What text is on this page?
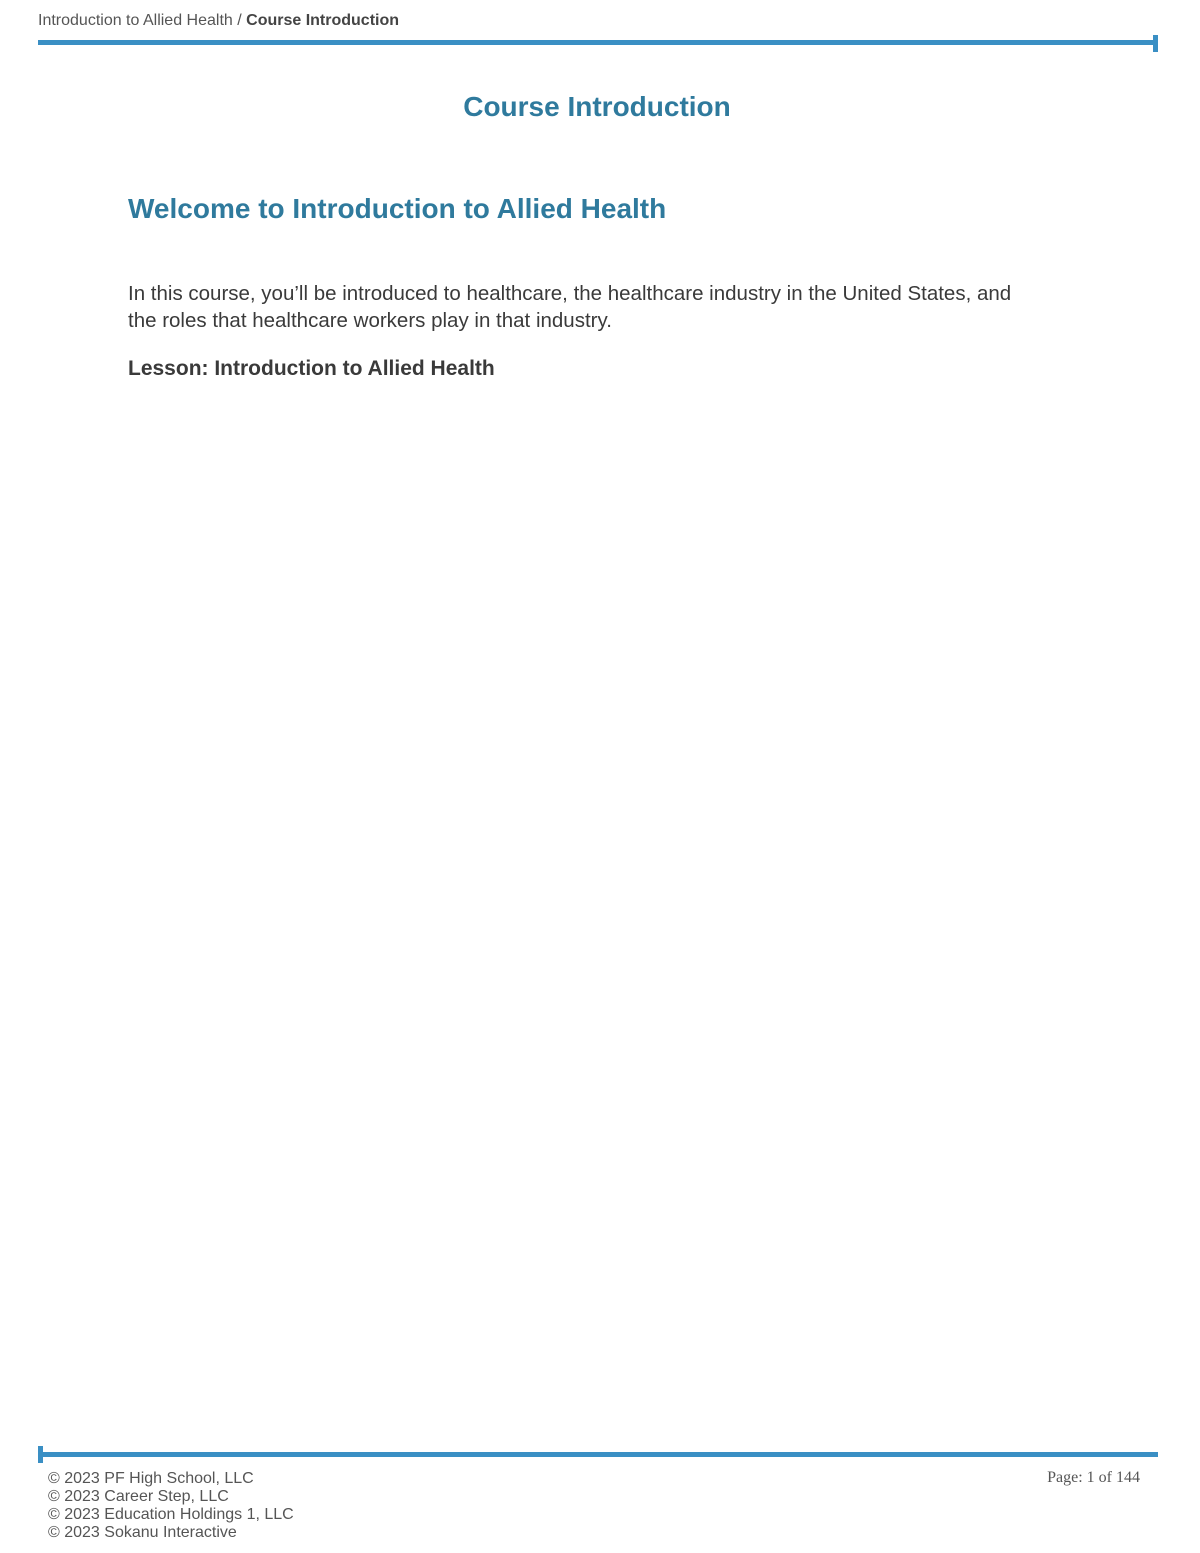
Introduction to Allied Health / Course Introduction
Course Introduction
Welcome to Introduction to Allied Health

In this course, you’ll be introduced to healthcare, the healthcare industry in the United States, and the roles that healthcare workers play in that industry.

Lesson: Introduction to Allied Health

© 2023 PF High School, LLC
© 2023 Career Step, LLC
© 2023 Education Holdings 1, LLC
© 2023 Sokanu Interactive
Page: 1 of 144
